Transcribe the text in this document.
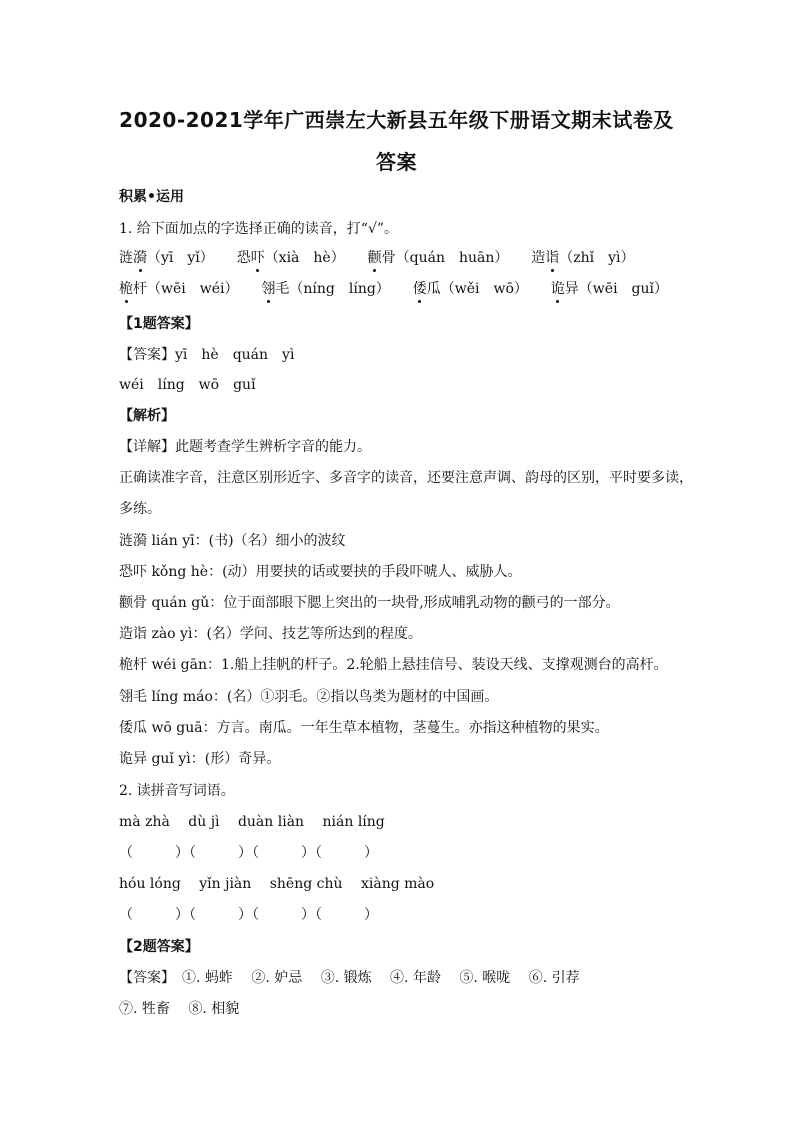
2020-2021学年广西崇左大新县五年级下册语文期末试卷及
答案
积累•运用
1. 给下面加点的字选择正确的读音，打“√”。
涟漪（yī　yǐ） 恐吓（xià　hè） 颧骨（quán　huān） 造诣（zhǐ　yì）
桅杆（wēi　wéi） 翎毛（níng　líng） 倭瓜（wěi　wō） 诡异（wēi　guǐ）
【1题答案】
【答案】yī　hè　quán　yì
wéi　líng　wō　guǐ
【解析】
【详解】此题考查学生辨析字音的能力。
正确读准字音，注意区别形近字、多音字的读音，还要注意声调、韵母的区别，平时要多读，
多练。
涟漪 lián yī：(书)（名）细小的波纹
恐吓 kǒng hè：(动）用要挟的话或要挟的手段吓唬人、威胁人。
颧骨 quán gǔ：位于面部眼下腮上突出的一块骨,形成哺乳动物的颧弓的一部分。
造诣 zào yì：(名）学问、技艺等所达到的程度。
桅杆 wéi gān：1.船上挂帆的杆子。2.轮船上悬挂信号、装设天线、支撑观测台的高杆。
翎毛 líng máo：(名）①羽毛。②指以鸟类为题材的中国画。
倭瓜 wō guā：方言。南瓜。一年生草本植物，茎蔓生。亦指这种植物的果实。
诡异 guǐ yì：(形）奇异。
2. 读拼音写词语。
mà zhà　 dù jì　 duàn liàn　 nián líng
（　　　）（　　　）（　　　）（　　　）
hóu lóng　 yǐn jiàn　 shēng chù　 xiàng mào
（　　　）（　　　）（　　　）（　　　）
【2题答案】
【答案】　①. 蚂蚱　 ②. 妒忌　 ③. 锻炼　 ④. 年龄　 ⑤. 喉咙　 ⑥. 引荐
⑦. 牲畜　 ⑧. 相貌
